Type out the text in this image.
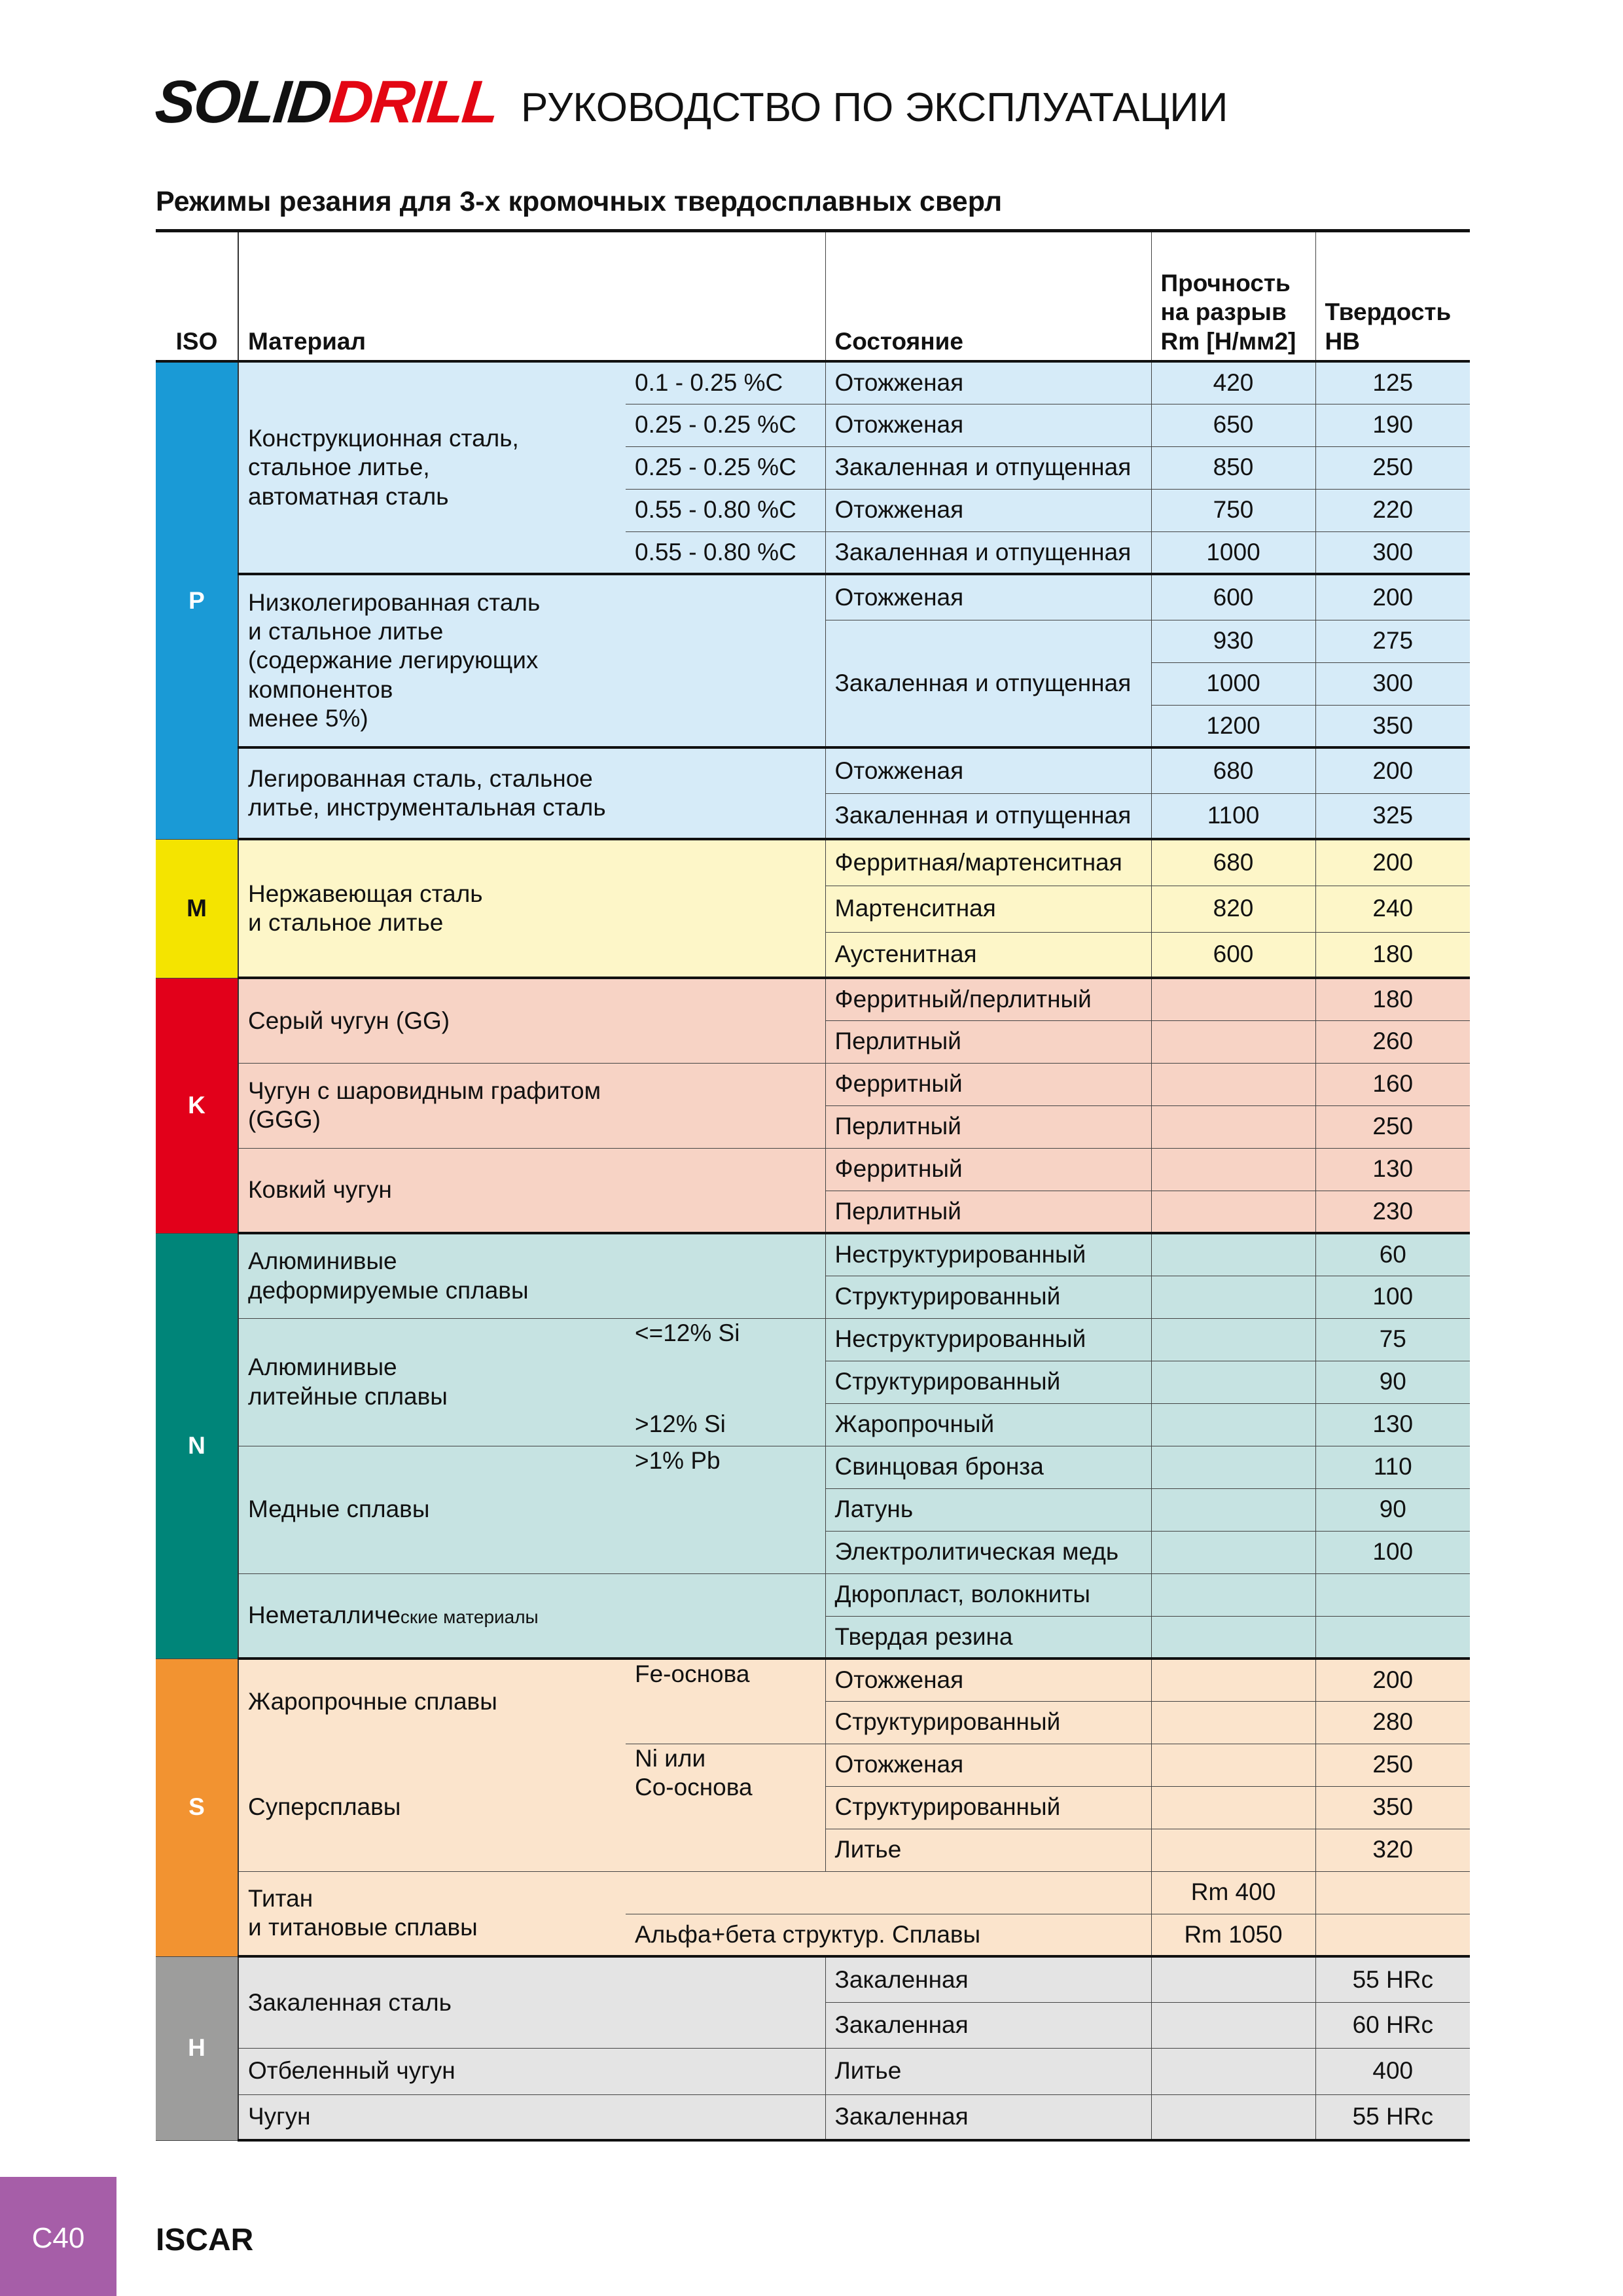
SOLIDDRILL РУКОВОДСТВО ПО ЭКСПЛУАТАЦИИ
Режимы резания для 3-х кромочных твердосплавных сверл
ISO	Материал		Состояние	Прочность
на разрыв
Rm [Н/мм2]	Твердость
HB
P	Конструкционная сталь,
стальное литье,
автоматная сталь	0.1 - 0.25 %C	Отожженая	420	125
		0.25 - 0.25 %C	Отожженая	650	190
		0.25 - 0.25 %C	Закаленная и отпущенная	850	250
		0.55 - 0.80 %C	Отожженая	750	220
		0.55 - 0.80 %C	Закаленная и отпущенная	1000	300
	Низколегированная сталь
и стальное литье
(содержание легирующих
компонентов
менее 5%)		Отожженая	600	200
			Закаленная и отпущенная	930	275
				1000	300
				1200	350
	Легированная сталь, стальное
литье, инструментальная сталь		Отожженая	680	200
			Закаленная и отпущенная	1100	325
M	Нержавеющая сталь
и стальное литье		Ферритная/мартенситная	680	200
			Мартенситная	820	240
			Аустенитная	600	180
K	Серый чугун (GG)		Ферритный/перлитный		180
			Перлитный		260
	Чугун с шаровидным графитом
(GGG)		Ферритный		160
			Перлитный		250
	Ковкий чугун		Ферритный		130
			Перлитный		230
N	Алюминивые
деформируемые сплавы		Неструктурированный		60
			Структурированный		100
	Алюминивые
литейные сплавы	<=12% Si	Неструктурированный		75
			Структурированный		90
		>12% Si	Жаропрочный		130
	Медные сплавы	>1% Pb	Свинцовая бронза		110
			Латунь		90
			Электролитическая медь		100
	Неметаллические материалы		Дюропласт, волокниты		
			Твердая резина		
S	Жаропрочные сплавы	Fe-основа	Отожженая		200
			Структурированный		280
	Суперсплавы	Ni или
Co-основа	Отожженая		250
			Структурированный		350
			Литье		320
	Титан
и титановые сплавы			Rm 400	
		Альфа+бета структур. Сплавы		Rm 1050	
H	Закаленная сталь		Закаленная		55 HRc
			Закаленная		60 HRc
	Отбеленный чугун		Литье		400
	Чугун		Закаленная		55 HRc
C40	ISCAR
